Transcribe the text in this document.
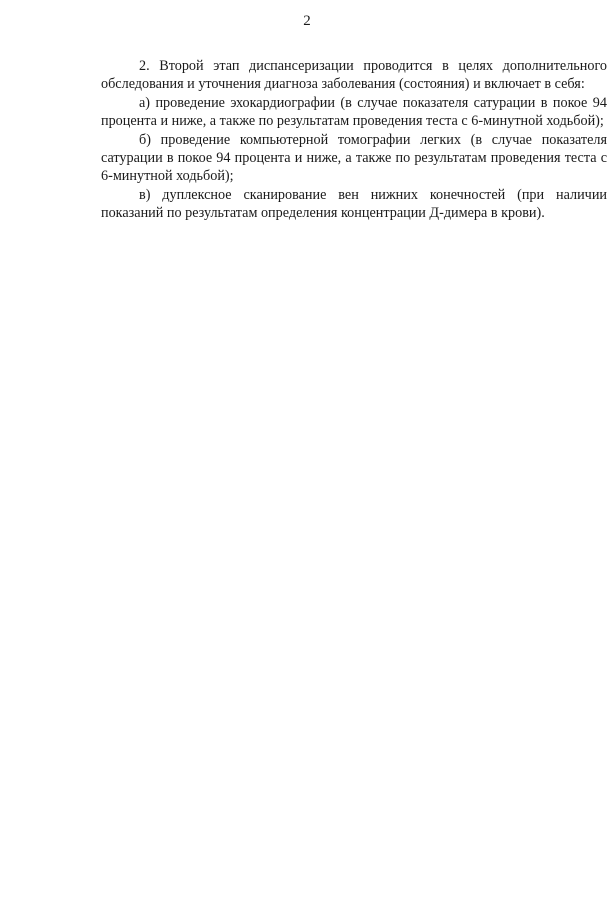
2

2. Второй этап диспансеризации проводится в целях дополнительного обследования и уточнения диагноза заболевания (состояния) и включает в себя:

а) проведение эхокардиографии (в случае показателя сатурации в покое 94 процента и ниже, а также по результатам проведения теста с 6-минутной ходьбой);

б) проведение компьютерной томографии легких (в случае показателя сатурации в покое 94 процента и ниже, а также по результатам проведения теста с 6-минутной ходьбой);

в) дуплексное сканирование вен нижних конечностей (при наличии показаний по результатам определения концентрации Д-димера в крови).
